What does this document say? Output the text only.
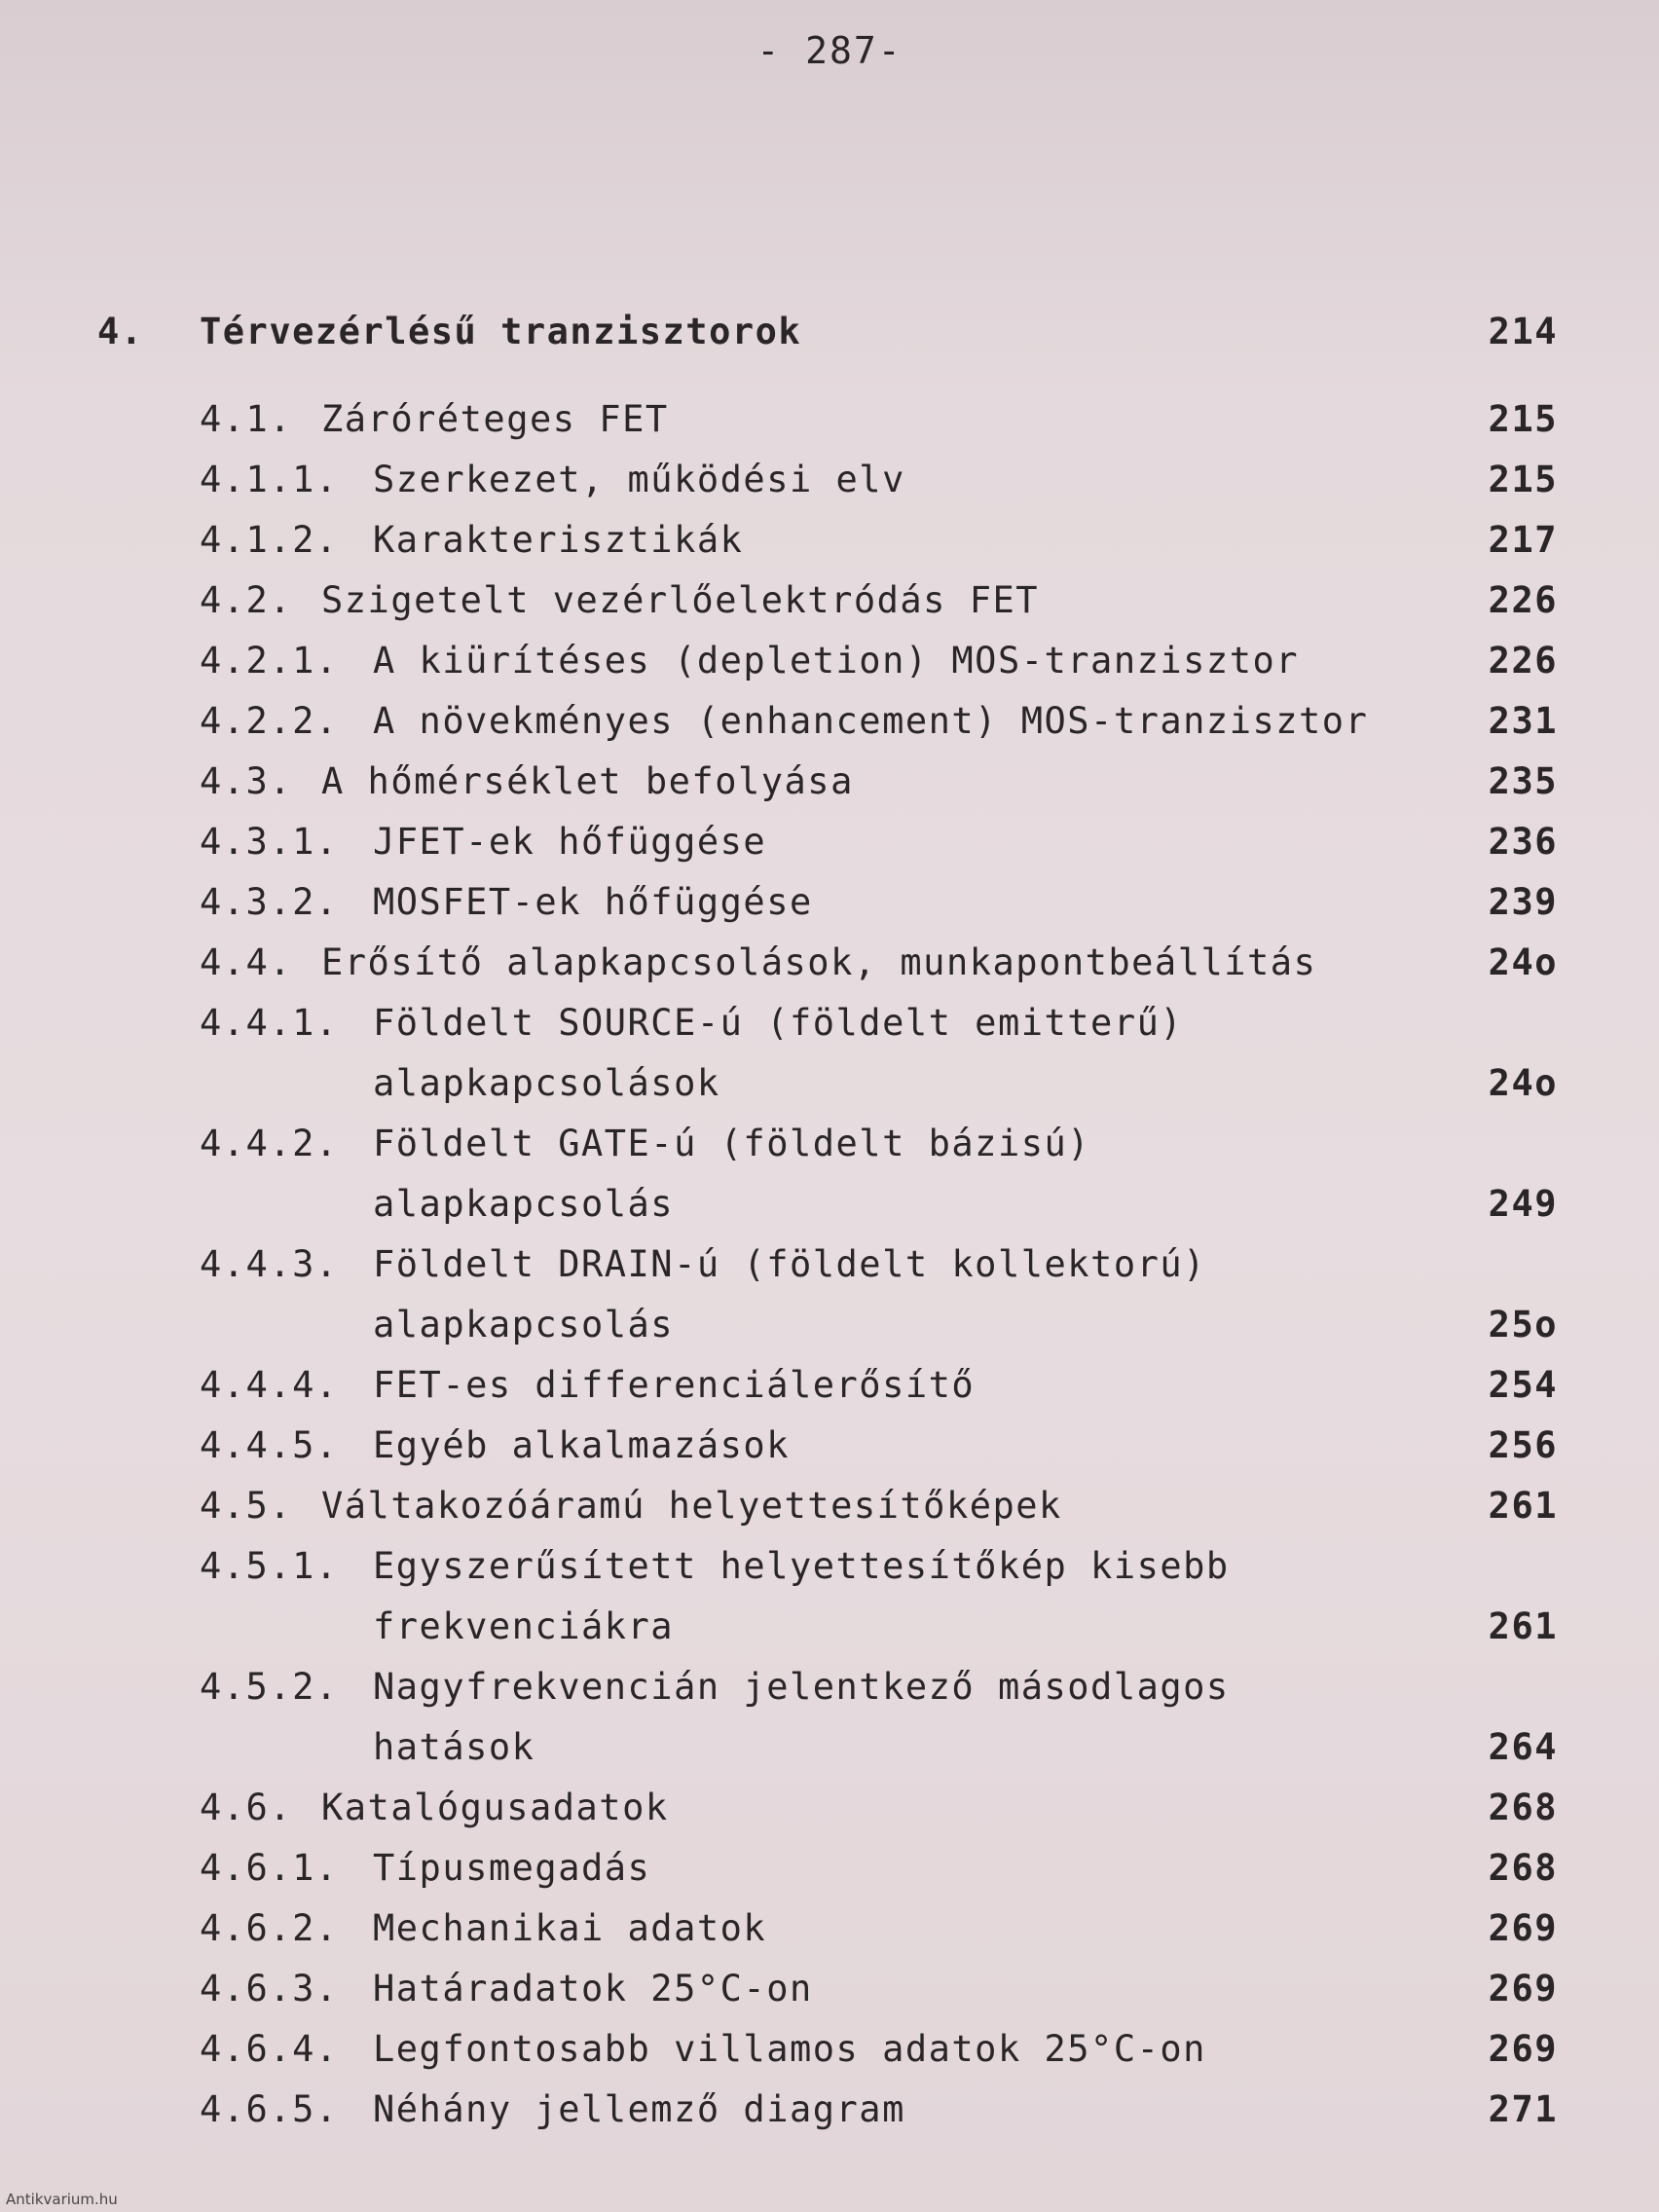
- 287-
4.	Térvezérlésű tranzisztorok	214
4.1. Záróréteges FET	215
4.1.1. Szerkezet, működési elv	215
4.1.2. Karakterisztikák	217
4.2. Szigetelt vezérlőelektródás FET	226
4.2.1. A kiürítéses (depletion) MOS-tranzisztor	226
4.2.2. A növekményes (enhancement) MOS-tranzisztor	231
4.3. A hőmérséklet befolyása	235
4.3.1. JFET-ek hőfüggése	236
4.3.2. MOSFET-ek hőfüggése	239
4.4. Erősítő alapkapcsolások, munkapontbeállítás	24o
4.4.1. Földelt SOURCE-ú (földelt emitterű)
alapkapcsolások	24o
4.4.2. Földelt GATE-ú (földelt bázisú)
alapkapcsolás	249
4.4.3. Földelt DRAIN-ú (földelt kollektorú)
alapkapcsolás	25o
4.4.4. FET-es differenciálerősítő	254
4.4.5. Egyéb alkalmazások	256
4.5. Váltakozóáramú helyettesítőképek	261
4.5.1. Egyszerűsített helyettesítőkép kisebb
frekvenciákra	261
4.5.2. Nagyfrekvencián jelentkező másodlagos
hatások	264
4.6. Katalógusadatok	268
4.6.1. Típusmegadás	268
4.6.2. Mechanikai adatok	269
4.6.3. Határadatok 25°C-on	269
4.6.4. Legfontosabb villamos adatok 25°C-on	269
4.6.5. Néhány jellemző diagram	271
Antikvarium.hu
